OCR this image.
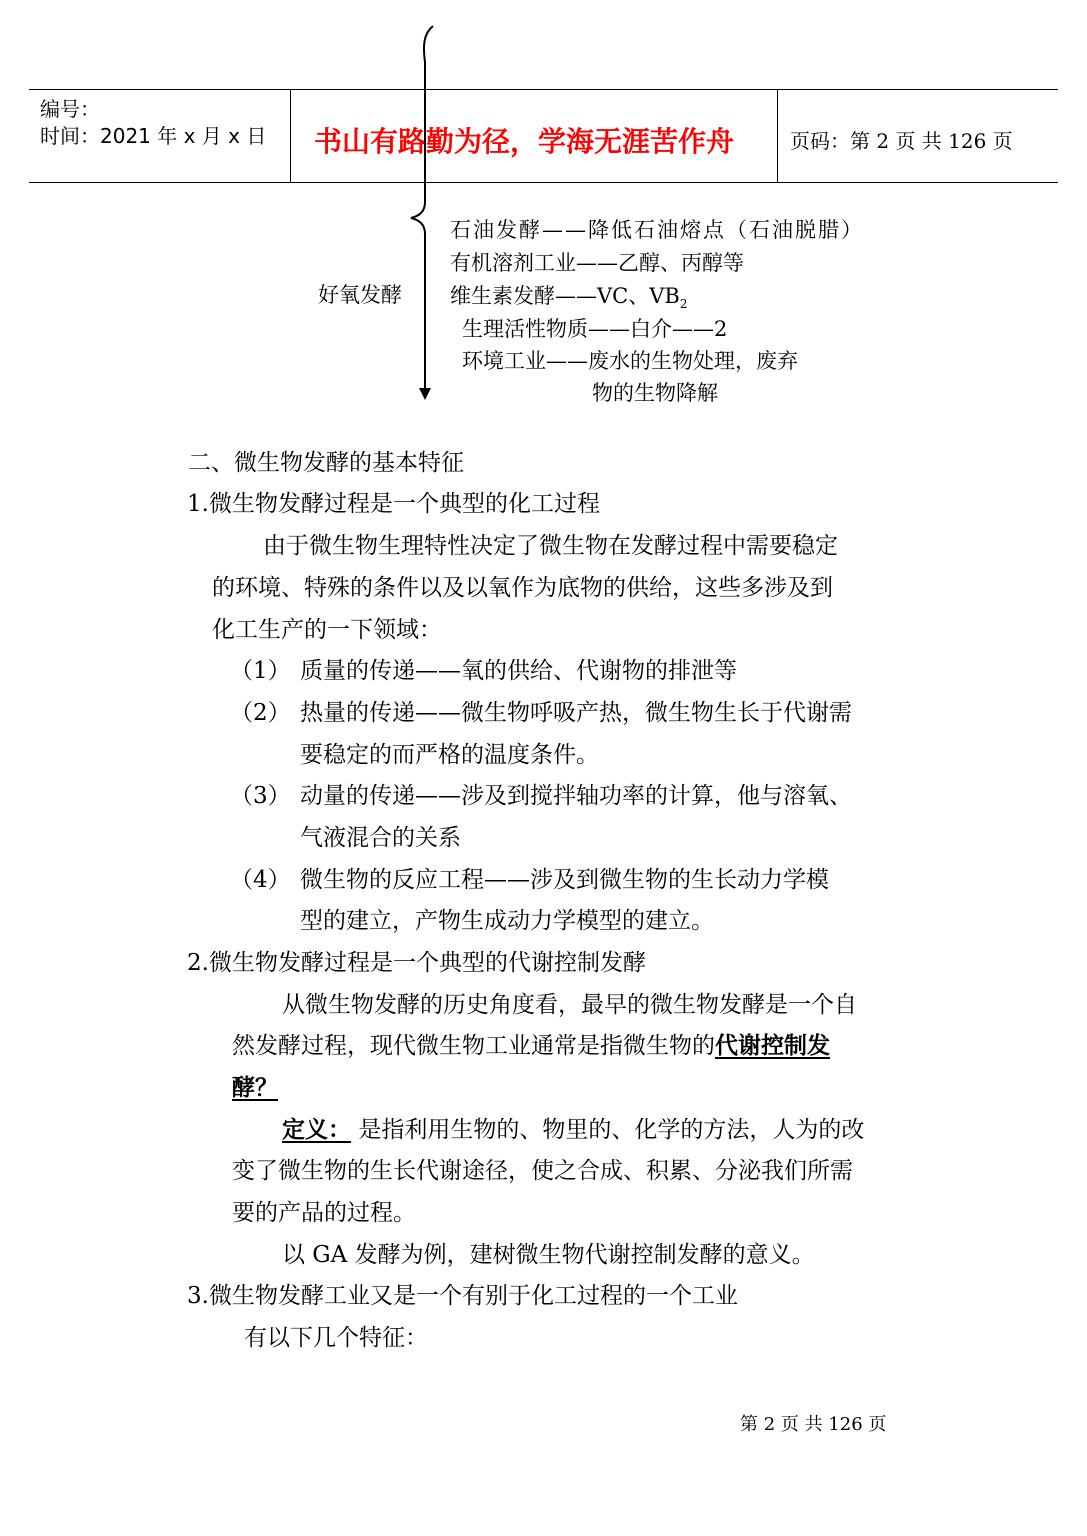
编号：
时间：2021 年 x 月 x 日 书山有路勤为径，学海无涯苦作舟	页码：第 2 页 共 126 页
好氧发酵
石油发酵——降低石油熔点（石油脱腊）
有机溶剂工业——乙醇、丙醇等
维生素发酵——VC、$VB_2$
生理活性物质——白介——2
环境工业——废水的生物处理，废弃
物的生物降解
二、微生物发酵的基本特征
1.微生物发酵过程是一个典型的化工过程
由于微生物生理特性决定了微生物在发酵过程中需要稳定
的环境、特殊的条件以及以氧作为底物的供给，这些多涉及到
化工生产的一下领域：
（1） 质量的传递——氧的供给、代谢物的排泄等
（2） 热量的传递——微生物呼吸产热，微生物生长于代谢需
要稳定的而严格的温度条件。
（3） 动量的传递——涉及到搅拌轴功率的计算，他与溶氧、
气液混合的关系
（4） 微生物的反应工程——涉及到微生物的生长动力学模
型的建立，产物生成动力学模型的建立。
2.微生物发酵过程是一个典型的代谢控制发酵
从微生物发酵的历史角度看，最早的微生物发酵是一个自
然发酵过程，现代微生物工业通常是指微生物的代谢控制发
酵？
定义： 是指利用生物的、物里的、化学的方法，人为的改
变了微生物的生长代谢途径，使之合成、积累、分泌我们所需
要的产品的过程。
以 GA 发酵为例，建树微生物代谢控制发酵的意义。
3.微生物发酵工业又是一个有别于化工过程的一个工业
有以下几个特征：
第 2 页 共 126 页
